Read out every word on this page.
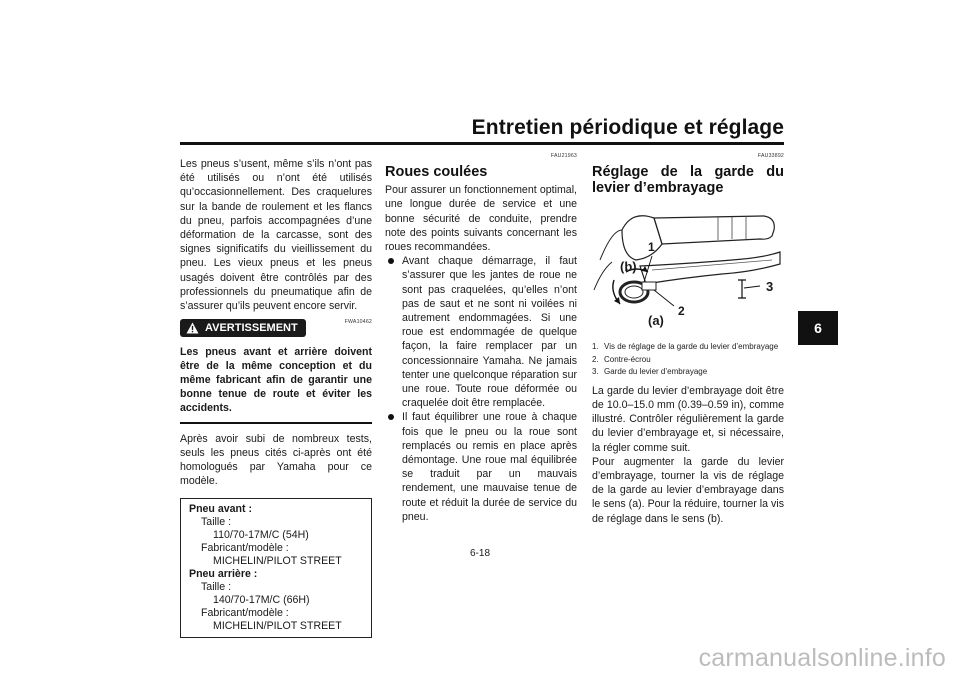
Entretien périodique et réglage

Les pneus s’usent, même s’ils n’ont pas été utilisés ou n’ont été utilisés qu’occasionnellement. Des craquelures sur la bande de roulement et les flancs du pneu, parfois accompagnées d’une déformation de la carcasse, sont des signes significatifs du vieillissement du pneu. Les vieux pneus et les pneus usagés doivent être contrôlés par des professionnels du pneumatique afin de s’assurer qu’ils peuvent encore servir.

FWA10462
AVERTISSEMENT

Les pneus avant et arrière doivent être de la même conception et du même fabricant afin de garantir une bonne tenue de route et éviter les accidents.

Après avoir subi de nombreux tests, seuls les pneus cités ci-après ont été homologués par Yamaha pour ce modèle.

Pneu avant :
Taille :
110/70-17M/C (54H)
Fabricant/modèle :
MICHELIN/PILOT STREET
Pneu arrière :
Taille :
140/70-17M/C (66H)
Fabricant/modèle :
MICHELIN/PILOT STREET
FAU21963
Roues coulées

Pour assurer un fonctionnement optimal, une longue durée de service et une bonne sécurité de conduite, prendre note des points suivants concernant les roues recommandées.

Avant chaque démarrage, il faut s’assurer que les jantes de roue ne sont pas craquelées, qu’elles n’ont pas de saut et ne sont ni voilées ni autrement endommagées. Si une roue est endommagée de quelque façon, la faire remplacer par un concessionnaire Yamaha. Ne jamais tenter une quelconque réparation sur une roue. Toute roue déformée ou craquelée doit être remplacée.
Il faut équilibrer une roue à chaque fois que le pneu ou la roue sont remplacés ou remis en place après démontage. Une roue mal équilibrée se traduit par un mauvais rendement, une mauvaise tenue de route et réduit la durée de service du pneu.
FAU33892
Réglage de la garde du levier d’embrayage
1
2
3
(a)
(b)
1. Vis de réglage de la garde du levier d’embrayage
2. Contre-écrou
3. Garde du levier d’embrayage

La garde du levier d’embrayage doit être de 10.0–15.0 mm (0.39–0.59 in), comme illustré. Contrôler régulièrement la garde du levier d’embrayage et, si nécessaire, la régler comme suit.

Pour augmenter la garde du levier d’embrayage, tourner la vis de réglage de la garde au levier d’embrayage dans le sens (a). Pour la réduire, tourner la vis de réglage dans le sens (b).

6
6-18
carmanualsonline.info
